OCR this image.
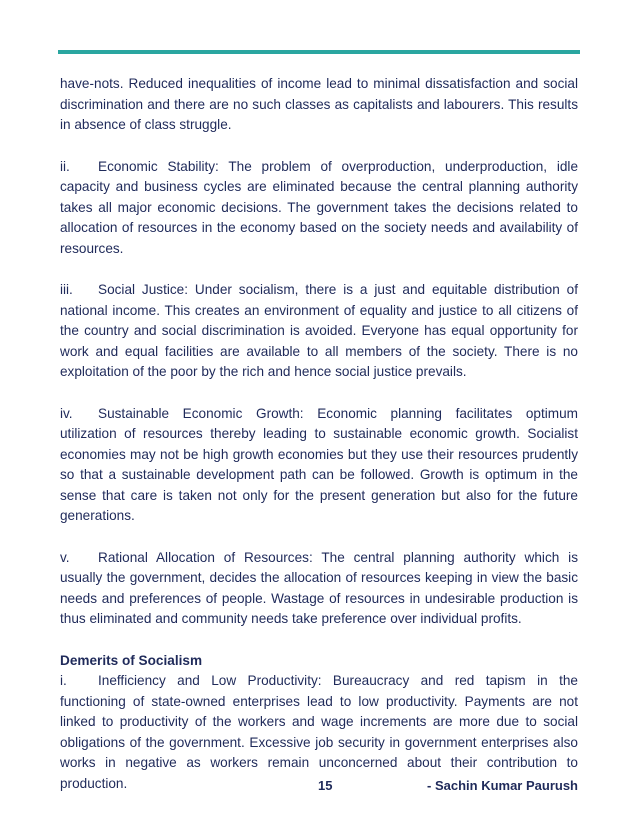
have-nots. Reduced inequalities of income lead to minimal dissatisfaction and social discrimination and there are no such classes as capitalists and labourers. This results in absence of class struggle.

ii. Economic Stability: The problem of overproduction, underproduction, idle capacity and business cycles are eliminated because the central planning authority takes all major economic decisions. The government takes the decisions related to allocation of resources in the economy based on the society needs and availability of resources.

iii. Social Justice: Under socialism, there is a just and equitable distribution of national income. This creates an environment of equality and justice to all citizens of the country and social discrimination is avoided. Everyone has equal opportunity for work and equal facilities are available to all members of the society. There is no exploitation of the poor by the rich and hence social justice prevails.

iv. Sustainable Economic Growth: Economic planning facilitates optimum utilization of resources thereby leading to sustainable economic growth. Socialist economies may not be high growth economies but they use their resources prudently so that a sustainable development path can be followed. Growth is optimum in the sense that care is taken not only for the present generation but also for the future generations.

v. Rational Allocation of Resources: The central planning authority which is usually the government, decides the allocation of resources keeping in view the basic needs and preferences of people. Wastage of resources in undesirable production is thus eliminated and community needs take preference over individual profits.

Demerits of Socialism

i. Inefficiency and Low Productivity: Bureaucracy and red tapism in the functioning of state-owned enterprises lead to low productivity. Payments are not linked to productivity of the workers and wage increments are more due to social obligations of the government. Excessive job security in government enterprises also works in negative as workers remain unconcerned about their contribution to production.	15	- Sachin Kumar Paurush
